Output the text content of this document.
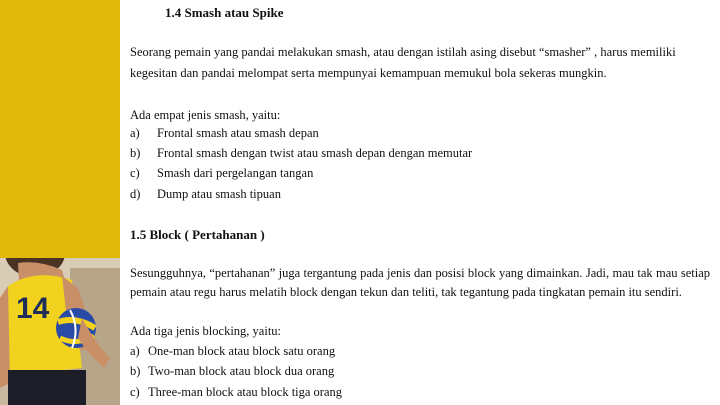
14
1.4 Smash atau Spike
Seorang pemain yang pandai melakukan smash, atau dengan istilah asing disebut “smasher” , harus memiliki kegesitan dan pandai melompat serta mempunyai kemampuan memukul bola sekeras mungkin.
Ada empat jenis smash, yaitu:
a) Frontal smash atau smash depan
b) Frontal smash dengan twist atau smash depan dengan memutar
c) Smash dari pergelangan tangan
d) Dump atau smash tipuan
1.5 Block ( Pertahanan )
Sesungguhnya, “pertahanan” juga tergantung pada jenis dan posisi block yang dimainkan. Jadi, mau tak mau setiap pemain atau regu harus melatih block dengan tekun dan teliti, tak tegantung pada tingkatan pemain itu sendiri.
Ada tiga jenis blocking, yaitu:
a) One-man block atau block satu orang
b) Two-man block atau block dua orang
c) Three-man block atau block tiga orang
